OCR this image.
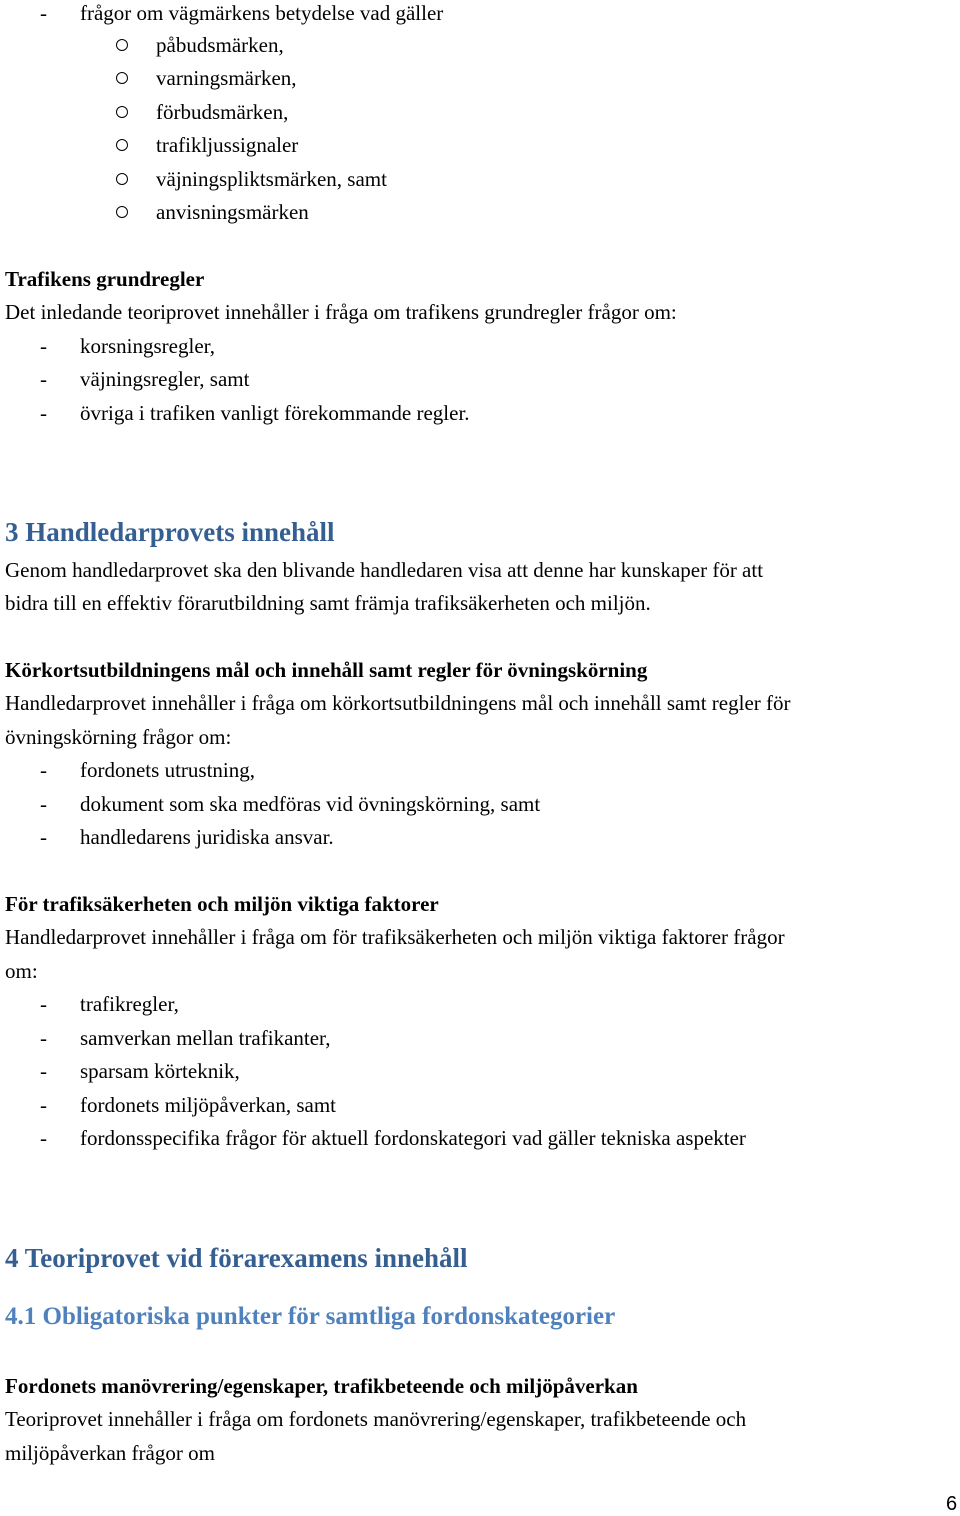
- frågor om vägmärkens betydelse vad gäller
påbudsmärken,
varningsmärken,
förbudsmärken,
trafikljussignaler
väjningspliktsmärken, samt
anvisningsmärken
Trafikens grundregler
Det inledande teoriprovet innehåller i fråga om trafikens grundregler frågor om:
- korsningsregler,
- väjningsregler, samt
- övriga i trafiken vanligt förekommande regler.
3 Handledarprovets innehåll
Genom handledarprovet ska den blivande handledaren visa att denne har kunskaper för att
bidra till en effektiv förarutbildning samt främja trafiksäkerheten och miljön.
Körkortsutbildningens mål och innehåll samt regler för övningskörning
Handledarprovet innehåller i fråga om körkortsutbildningens mål och innehåll samt regler för
övningskörning frågor om:
- fordonets utrustning,
- dokument som ska medföras vid övningskörning, samt
- handledarens juridiska ansvar.
För trafiksäkerheten och miljön viktiga faktorer
Handledarprovet innehåller i fråga om för trafiksäkerheten och miljön viktiga faktorer frågor
om:
- trafikregler,
- samverkan mellan trafikanter,
- sparsam körteknik,
- fordonets miljöpåverkan, samt
- fordonsspecifika frågor för aktuell fordonskategori vad gäller tekniska aspekter
4 Teoriprovet vid förarexamens innehåll
4.1 Obligatoriska punkter för samtliga fordonskategorier
Fordonets manövrering/egenskaper, trafikbeteende och miljöpåverkan
Teoriprovet innehåller i fråga om fordonets manövrering/egenskaper, trafikbeteende och
miljöpåverkan frågor om
6
